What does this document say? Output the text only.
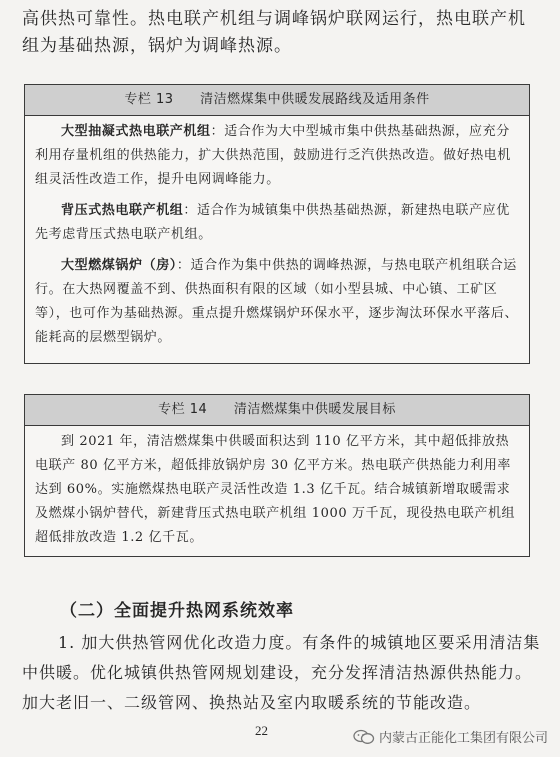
高供热可靠性。热电联产机组与调峰锅炉联网运行，热电联产机组为基础热源，锅炉为调峰热源。

专栏 13 清洁燃煤集中供暖发展路线及适用条件

大型抽凝式热电联产机组：适合作为大中型城市集中供热基础热源，应充分利用存量机组的供热能力，扩大供热范围，鼓励进行乏汽供热改造。做好热电机组灵活性改造工作，提升电网调峰能力。

背压式热电联产机组：适合作为城镇集中供热基础热源，新建热电联产应优先考虑背压式热电联产机组。

大型燃煤锅炉（房）：适合作为集中供热的调峰热源，与热电联产机组联合运行。在大热网覆盖不到、供热面积有限的区域（如小型县城、中心镇、工矿区等），也可作为基础热源。重点提升燃煤锅炉环保水平，逐步淘汰环保水平落后、能耗高的层燃型锅炉。

专栏 14 清洁燃煤集中供暖发展目标

到 2021 年，清洁燃煤集中供暖面积达到 110 亿平方米，其中超低排放热电联产 80 亿平方米，超低排放锅炉房 30 亿平方米。热电联产供热能力利用率达到 60%。实施燃煤热电联产灵活性改造 1.3 亿千瓦。结合城镇新增取暖需求及燃煤小锅炉替代，新建背压式热电联产机组 1000 万千瓦，现役热电联产机组超低排放改造 1.2 亿千瓦。

（二）全面提升热网系统效率

1. 加大供热管网优化改造力度。有条件的城镇地区要采用清洁集中供暖。优化城镇供热管网规划建设，充分发挥清洁热源供热能力。加大老旧一、二级管网、换热站及室内取暖系统的节能改造。

22
内蒙古正能化工集团有限公司
